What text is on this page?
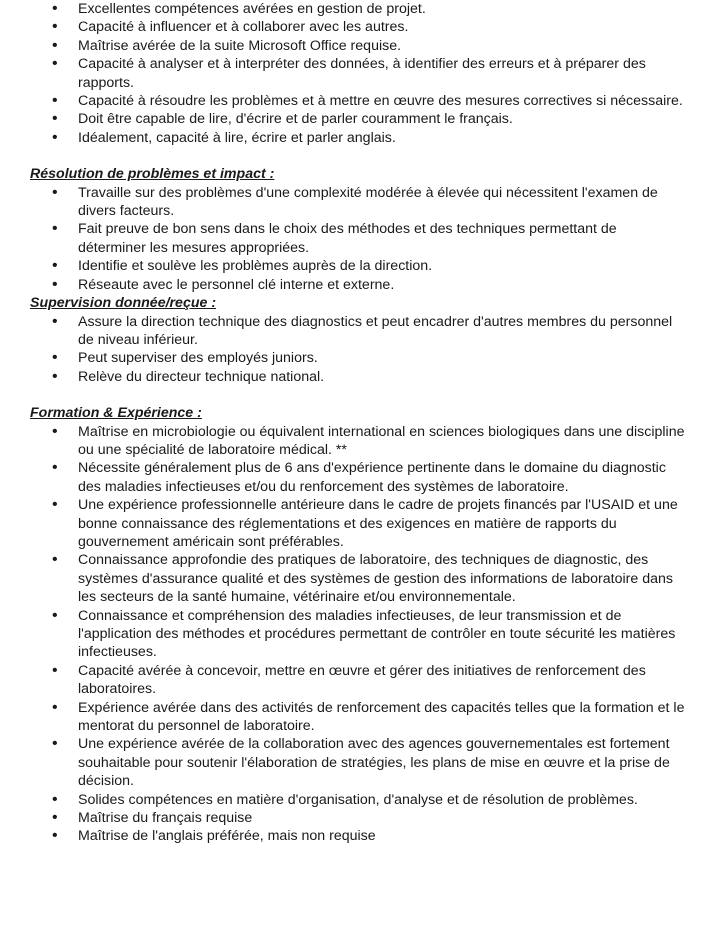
• Excellentes compétences avérées en gestion de projet.
• Capacité à influencer et à collaborer avec les autres.
• Maîtrise avérée de la suite Microsoft Office requise.
• Capacité à analyser et à interpréter des données, à identifier des erreurs et à préparer des rapports.
• Capacité à résoudre les problèmes et à mettre en œuvre des mesures correctives si nécessaire.
• Doit être capable de lire, d'écrire et de parler couramment le français.
• Idéalement, capacité à lire, écrire et parler anglais.
Résolution de problèmes et impact :
• Travaille sur des problèmes d'une complexité modérée à élevée qui nécessitent l'examen de divers facteurs.
• Fait preuve de bon sens dans le choix des méthodes et des techniques permettant de déterminer les mesures appropriées.
• Identifie et soulève les problèmes auprès de la direction.
• Réseaute avec le personnel clé interne et externe.
Supervision donnée/reçue :
• Assure la direction technique des diagnostics et peut encadrer d'autres membres du personnel de niveau inférieur.
• Peut superviser des employés juniors.
• Relève du directeur technique national.
Formation & Expérience :
• Maîtrise en microbiologie ou équivalent international en sciences biologiques dans une discipline ou une spécialité de laboratoire médical. **
• Nécessite généralement plus de 6 ans d'expérience pertinente dans le domaine du diagnostic des maladies infectieuses et/ou du renforcement des systèmes de laboratoire.
• Une expérience professionnelle antérieure dans le cadre de projets financés par l'USAID et une bonne connaissance des réglementations et des exigences en matière de rapports du gouvernement américain sont préférables.
• Connaissance approfondie des pratiques de laboratoire, des techniques de diagnostic, des systèmes d'assurance qualité et des systèmes de gestion des informations de laboratoire dans les secteurs de la santé humaine, vétérinaire et/ou environnementale.
• Connaissance et compréhension des maladies infectieuses, de leur transmission et de l'application des méthodes et procédures permettant de contrôler en toute sécurité les matières infectieuses.
• Capacité avérée à concevoir, mettre en œuvre et gérer des initiatives de renforcement des laboratoires.
• Expérience avérée dans des activités de renforcement des capacités telles que la formation et le mentorat du personnel de laboratoire.
• Une expérience avérée de la collaboration avec des agences gouvernementales est fortement souhaitable pour soutenir l'élaboration de stratégies, les plans de mise en œuvre et la prise de décision.
• Solides compétences en matière d'organisation, d'analyse et de résolution de problèmes.
• Maîtrise du français requise
• Maîtrise de l'anglais préférée, mais non requise
